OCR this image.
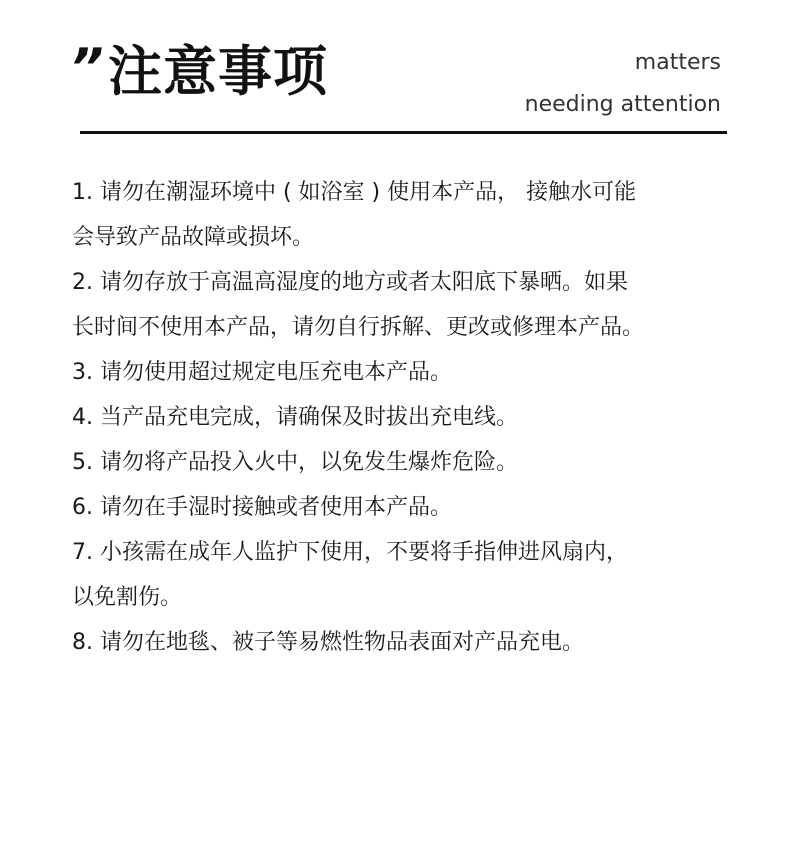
” 注意事项	matters
needing attention
1. 请勿在潮湿环境中 ( 如浴室 ) 使用本产品， 接触水可能
会导致产品故障或损坏。
2. 请勿存放于高温高湿度的地方或者太阳底下暴晒。如果
长时间不使用本产品，请勿自行拆解、更改或修理本产品。
3. 请勿使用超过规定电压充电本产品。
4. 当产品充电完成，请确保及时拔出充电线。
5. 请勿将产品投入火中，以免发生爆炸危险。
6. 请勿在手湿时接触或者使用本产品。
7. 小孩需在成年人监护下使用，不要将手指伸进风扇内，
以免割伤。
8. 请勿在地毯、被子等易燃性物品表面对产品充电。
